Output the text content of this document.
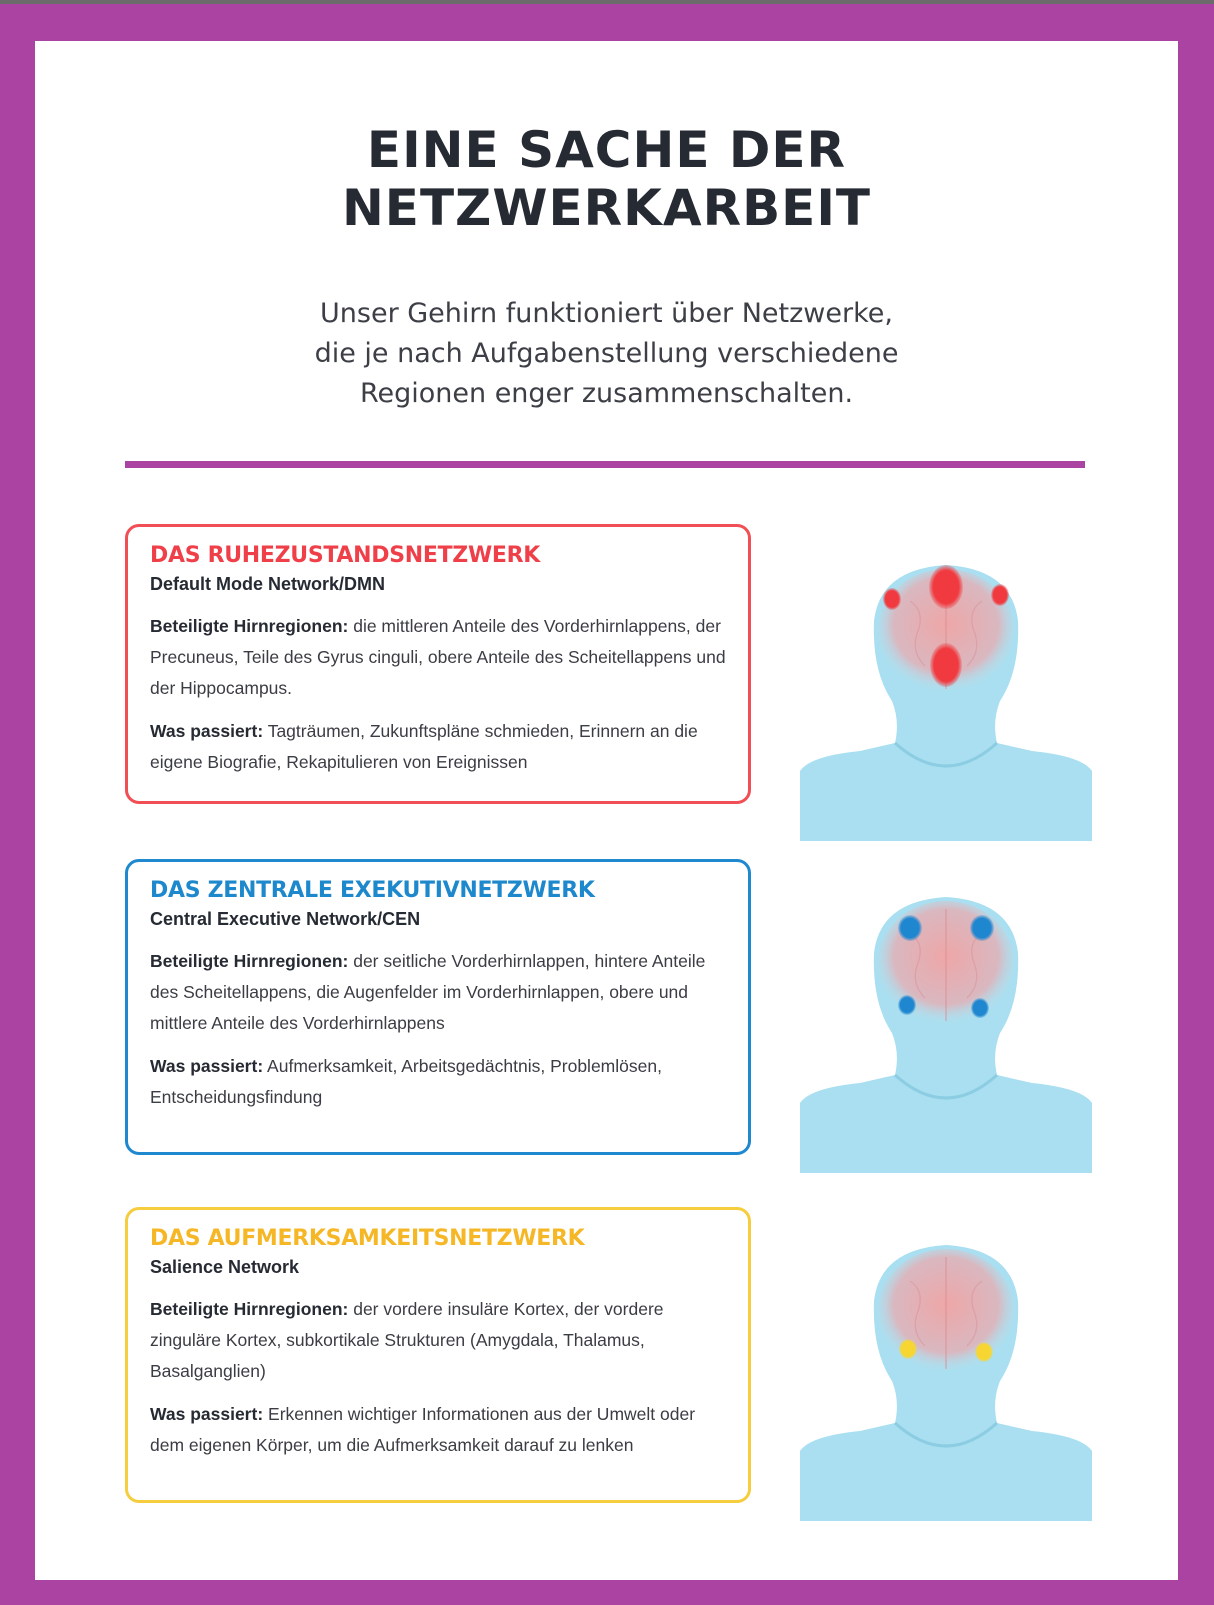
EINE SACHE DER
NETZWERKARBEIT

Unser Gehirn funktioniert über Netzwerke,
die je nach Aufgabenstellung verschiedene
Regionen enger zusammenschalten.

DAS RUHEZUSTANDSNETZWERK
Default Mode Network/DMN

Beteiligte Hirnregionen: die mittleren Anteile des Vorderhirnlappens, der Precuneus, Teile des Gyrus cinguli, obere Anteile des Scheitellappens und der Hippocampus.

Was passiert: Tagträumen, Zukunftspläne schmieden, Erinnern an die eigene Biografie, Rekapitulieren von Ereignissen

DAS ZENTRALE EXEKUTIVNETZWERK
Central Executive Network/CEN

Beteiligte Hirnregionen: der seitliche Vorderhirnlappen, hintere Anteile des Scheitellappens, die Augenfelder im Vorderhirnlappen, obere und mittlere Anteile des Vorderhirnlappens

Was passiert: Aufmerksamkeit, Arbeitsgedächtnis, Problemlösen, Entscheidungsfindung

DAS AUFMERKSAMKEITSNETZWERK
Salience Network

Beteiligte Hirnregionen: der vordere insuläre Kortex, der vordere zinguläre Kortex, subkortikale Strukturen (Amygdala, Thalamus, Basalganglien)

Was passiert: Erkennen wichtiger Informationen aus der Umwelt oder dem eigenen Körper, um die Aufmerksamkeit darauf zu lenken
